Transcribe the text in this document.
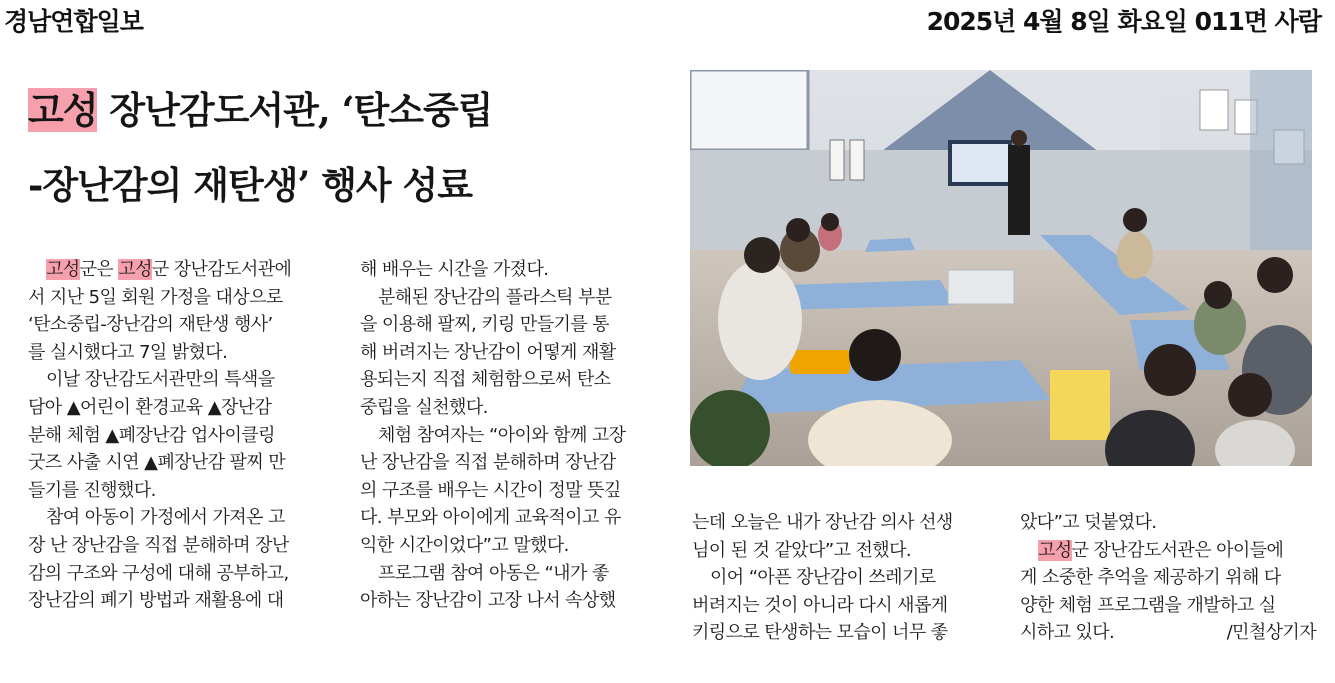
경남연합일보	2025년 4월 8일 화요일 011면 사람
고성 장난감도서관, ‘탄소중립
-장난감의 재탄생’ 행사 성료
고성군은 고성군 장난감도서관에
서 지난 5일 회원 가정을 대상으로
‘탄소중립-장난감의 재탄생 행사’
를 실시했다고 7일 밝혔다.
이날 장난감도서관만의 특색을
담아 ▲어린이 환경교육 ▲장난감
분해 체험 ▲폐장난감 업사이클링
굿즈 사출 시연 ▲폐장난감 팔찌 만
들기를 진행했다.
참여 아동이 가정에서 가져온 고
장 난 장난감을 직접 분해하며 장난
감의 구조와 구성에 대해 공부하고,
장난감의 폐기 방법과 재활용에 대
해 배우는 시간을 가졌다.
분해된 장난감의 플라스틱 부분
을 이용해 팔찌, 키링 만들기를 통
해 버려지는 장난감이 어떻게 재활
용되는지 직접 체험함으로써 탄소
중립을 실천했다.
체험 참여자는 “아이와 함께 고장
난 장난감을 직접 분해하며 장난감
의 구조를 배우는 시간이 정말 뜻깊
다. 부모와 아이에게 교육적이고 유
익한 시간이었다”고 말했다.
프로그램 참여 아동은 “내가 좋
아하는 장난감이 고장 나서 속상했
는데 오늘은 내가 장난감 의사 선생
님이 된 것 같았다”고 전했다.
이어 “아픈 장난감이 쓰레기로
버려지는 것이 아니라 다시 새롭게
키링으로 탄생하는 모습이 너무 좋
았다”고 덧붙였다.
고성군 장난감도서관은 아이들에
게 소중한 추억을 제공하기 위해 다
양한 체험 프로그램을 개발하고 실
시하고 있다.	/민철상기자
